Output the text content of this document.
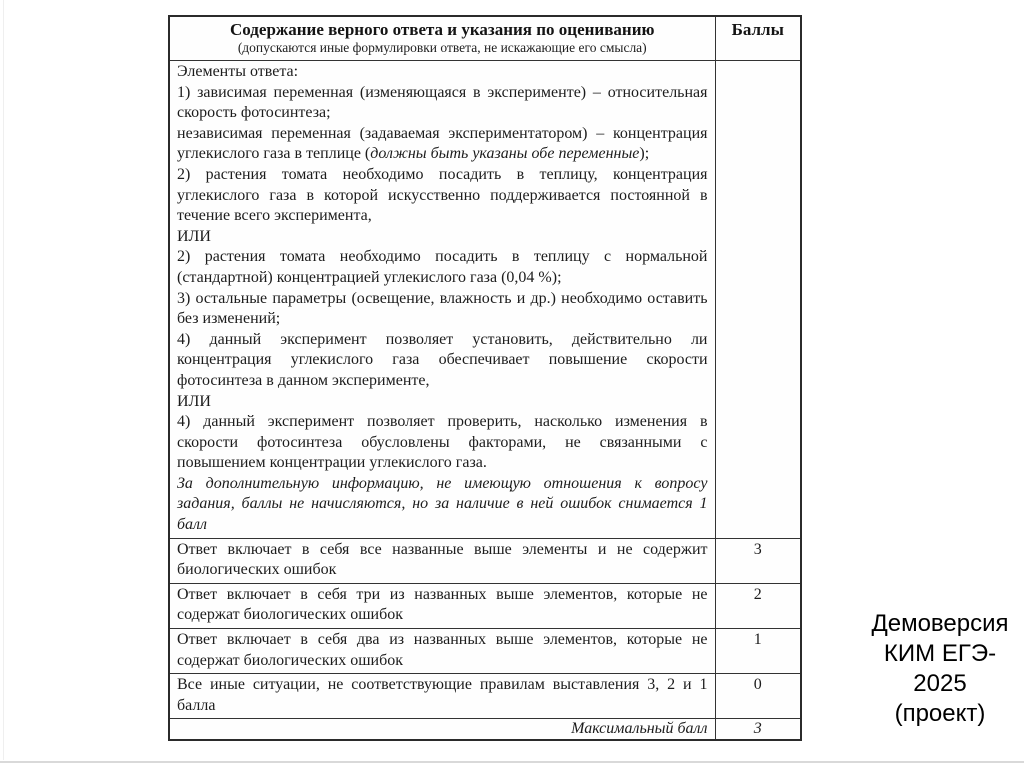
Содержание верного ответа и указания по оцениванию
(допускаются иные формулировки ответа, не искажающие его смысла)	Баллы

Элементы ответа:
1) зависимая переменная (изменяющаяся в эксперименте) – относительная скорость фотосинтеза;
независимая переменная (задаваемая экспериментатором) – концентрация углекислого газа в теплице (должны быть указаны обе переменные);
2) растения томата необходимо посадить в теплицу, концентрация углекислого газа в которой искусственно поддерживается постоянной в течение всего эксперимента,
ИЛИ
2) растения томата необходимо посадить в теплицу с нормальной (стандартной) концентрацией углекислого газа (0,04 %);
3) остальные параметры (освещение, влажность и др.) необходимо оставить без изменений;
4) данный эксперимент позволяет установить, действительно ли концентрация углекислого газа обеспечивает повышение скорости фотосинтеза в данном эксперименте,
ИЛИ
4) данный эксперимент позволяет проверить, насколько изменения в скорости фотосинтеза обусловлены факторами, не связанными с повышением концентрации углекислого газа.
За дополнительную информацию, не имеющую отношения к вопросу задания, баллы не начисляются, но за наличие в ней ошибок снимается 1 балл

Ответ включает в себя все названные выше элементы и не содержит биологических ошибок	3
Ответ включает в себя три из названных выше элементов, которые не содержат биологических ошибок	2
Ответ включает в себя два из названных выше элементов, которые не содержат биологических ошибок	1
Все иные ситуации, не соответствующие правилам выставления 3, 2 и 1 балла	0
Максимальный балл	3
Демоверсия
КИМ ЕГЭ-
2025
(проект)
